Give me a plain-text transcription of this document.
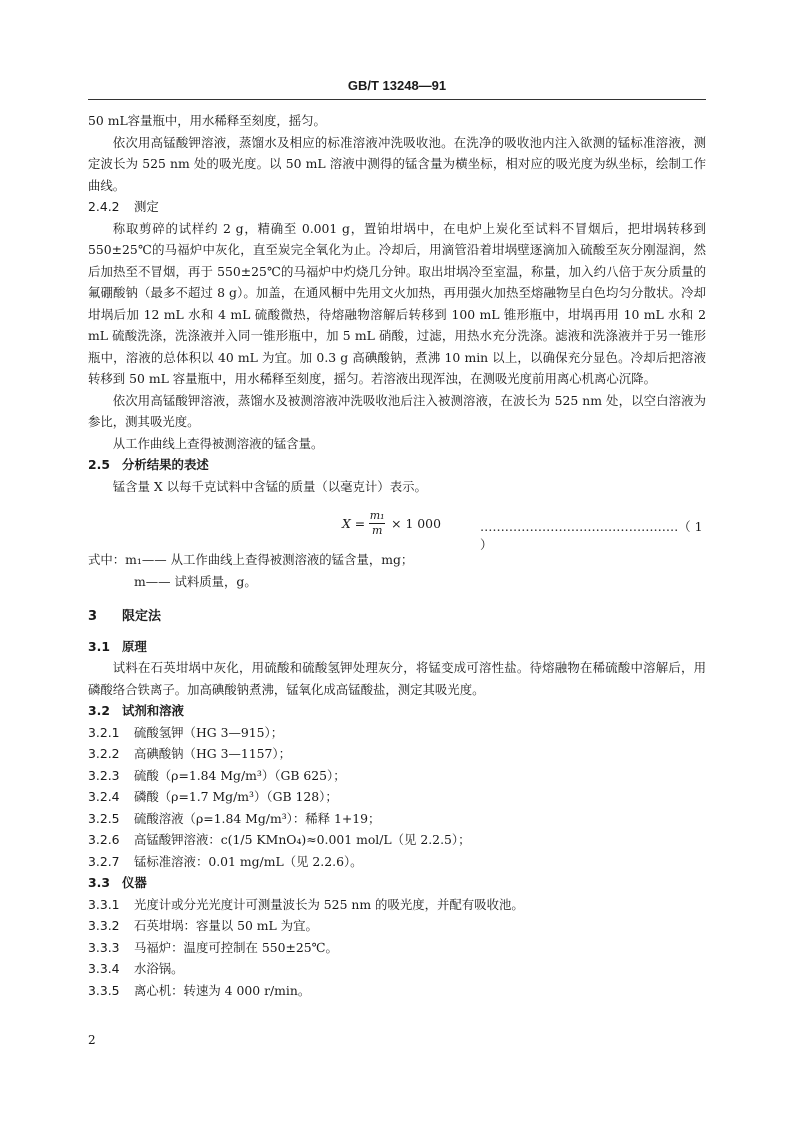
GB/T 13248—91

50 mL容量瓶中，用水稀释至刻度，摇匀。

依次用高锰酸钾溶液，蒸馏水及相应的标准溶液冲洗吸收池。在洗净的吸收池内注入欲测的锰标准溶液，测定波长为 525 nm 处的吸光度。以 50 mL 溶液中测得的锰含量为横坐标，相对应的吸光度为纵坐标，绘制工作曲线。

2.4.2 测定

称取剪碎的试样约 2 g，精确至 0.001 g，置铂坩埚中，在电炉上炭化至试料不冒烟后，把坩埚转移到 550±25℃的马福炉中灰化，直至炭完全氧化为止。冷却后，用滴管沿着坩埚壁逐滴加入硫酸至灰分刚湿润，然后加热至不冒烟，再于 550±25℃的马福炉中灼烧几分钟。取出坩埚冷至室温，称量，加入约八倍于灰分质量的氟硼酸钠（最多不超过 8 g）。加盖，在通风橱中先用文火加热，再用强火加热至熔融物呈白色均匀分散状。冷却坩埚后加 12 mL 水和 4 mL 硫酸微热，待熔融物溶解后转移到 100 mL 锥形瓶中，坩埚再用 10 mL 水和 2 mL 硫酸洗涤，洗涤液并入同一锥形瓶中，加 5 mL 硝酸，过滤，用热水充分洗涤。滤液和洗涤液并于另一锥形瓶中，溶液的总体积以 40 mL 为宜。加 0.3 g 高碘酸钠，煮沸 10 min 以上，以确保充分显色。冷却后把溶液转移到 50 mL 容量瓶中，用水稀释至刻度，摇匀。若溶液出现浑浊，在测吸光度前用离心机离心沉降。

依次用高锰酸钾溶液，蒸馏水及被测溶液冲洗吸收池后注入被测溶液，在波长为 525 nm 处，以空白溶液为参比，测其吸光度。

从工作曲线上查得被测溶液的锰含量。

2.5 分析结果的表述

锰含量 X 以每千克试料中含锰的质量（以毫克计）表示。

$X = \frac{\text{m₁}}{m} \times 1$ 000	…………………………………………（ 1 ）

式中：m₁—— 从工作曲线上查得被测溶液的锰含量，mg；

m—— 试料质量，g。

3 限定法

3.1 原理

试料在石英坩埚中灰化，用硫酸和硫酸氢钾处理灰分，将锰变成可溶性盐。待熔融物在稀硫酸中溶解后，用磷酸络合铁离子。加高碘酸钠煮沸，锰氧化成高锰酸盐，测定其吸光度。

3.2 试剂和溶液

3.2.1 硫酸氢钾（HG 3—915）；

3.2.2 高碘酸钠（HG 3—1157）；

3.2.3 硫酸（ρ=1.84 Mg/m³）（GB 625）；

3.2.4 磷酸（ρ=1.7 Mg/m³）（GB 128）；

3.2.5 硫酸溶液（ρ=1.84 Mg/m³）：稀释 1+19；

3.2.6 高锰酸钾溶液：c(1/5 KMnO₄)≈0.001 mol/L（见 2.2.5）；

3.2.7 锰标准溶液：0.01 mg/mL（见 2.2.6）。

3.3 仪器

3.3.1 光度计或分光光度计可测量波长为 525 nm 的吸光度，并配有吸收池。

3.3.2 石英坩埚：容量以 50 mL 为宜。

3.3.3 马福炉：温度可控制在 550±25℃。

3.3.4 水浴锅。

3.3.5 离心机：转速为 4 000 r/min。

2
